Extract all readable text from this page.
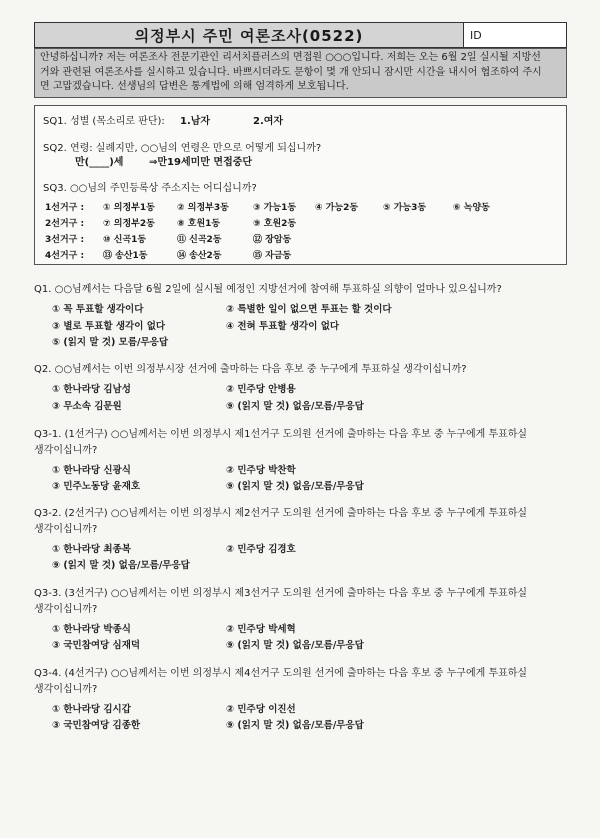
의정부시 주민 여론조사(0522)	ID
안녕하십니까? 저는 여론조사 전문기관인 리서치플러스의 면접원 ○○○입니다. 저희는 오는 6월 2일 실시될 지방선
거와 관련된 여론조사를 실시하고 있습니다. 바쁘시더라도 문항이 몇 개 안되니 잠시만 시간을 내시어 협조하여 주시
면 고맙겠습니다. 선생님의 답변은 통계법에 의해 엄격하게 보호됩니다.
SQ1. 성별 (목소리로 판단): 1.남자	2.여자
SQ2. 연령: 실례지만, ○○님의 연령은 만으로 어떻게 되십니까?
만(____)세	⇒만19세미만 면접중단
SQ3. ○○님의 주민등록상 주소지는 어디십니까?
1선거구 : ① 의정부1동 ② 의정부3동	③ 가능1동 ④ 가능2동	⑤ 가능3동	⑥ 녹양동
2선거구 : ⑦ 의정부2동 ⑧ 호원1동	⑨ 호원2동
3선거구 : ⑩ 신곡1동	⑪ 신곡2동	⑫ 장암동
4선거구 : ⑬ 송산1동	⑭ 송산2동	⑮ 자금동
Q1. ○○님께서는 다음달 6월 2일에 실시될 예정인 지방선거에 참여해 투표하실 의향이 얼마나 있으십니까?
① 꼭 투표할 생각이다	② 특별한 일이 없으면 투표는 할 것이다
③ 별로 투표할 생각이 없다	④ 전혀 투표할 생각이 없다
⑤ (읽지 말 것) 모름/무응답
Q2. ○○님께서는 이번 의정부시장 선거에 출마하는 다음 후보 중 누구에게 투표하실 생각이십니까?
① 한나라당 김남성	② 민주당 안병용
③ 무소속 김문원	⑨ (읽지 말 것) 없음/모름/무응답
Q3-1. (1선거구) ○○님께서는 이번 의정부시 제1선거구 도의원 선거에 출마하는 다음 후보 중 누구에게 투표하실
생각이십니까?
① 한나라당 신광식	② 민주당 박찬학
③ 민주노동당 윤재호	⑨ (읽지 말 것) 없음/모름/무응답
Q3-2. (2선거구) ○○님께서는 이번 의정부시 제2선거구 도의원 선거에 출마하는 다음 후보 중 누구에게 투표하실
생각이십니까?
① 한나라당 최종복	② 민주당 김경호
⑨ (읽지 말 것) 없음/모름/무응답
Q3-3. (3선거구) ○○님께서는 이번 의정부시 제3선거구 도의원 선거에 출마하는 다음 후보 중 누구에게 투표하실
생각이십니까?
① 한나라당 박종식	② 민주당 박세혁
③ 국민참여당 심재덕	⑨ (읽지 말 것) 없음/모름/무응답
Q3-4. (4선거구) ○○님께서는 이번 의정부시 제4선거구 도의원 선거에 출마하는 다음 후보 중 누구에게 투표하실
생각이십니까?
① 한나라당 김시갑	② 민주당 이진선
③ 국민참여당 김종한	⑨ (읽지 말 것) 없음/모름/무응답
